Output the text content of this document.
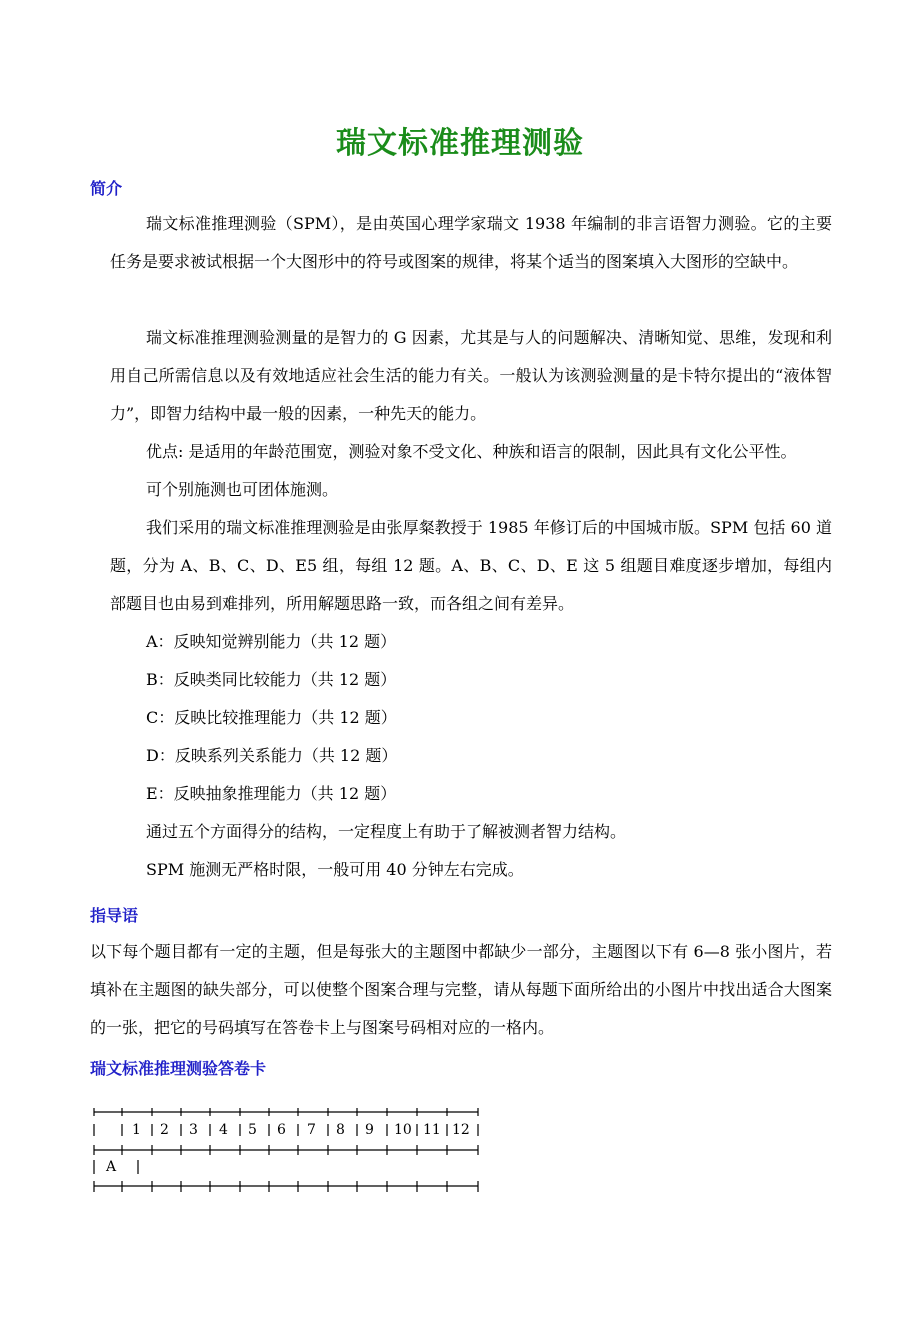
瑞文标准推理测验
简介
瑞文标准推理测验（SPM），是由英国心理学家瑞文 1938 年编制的非言语智力测验。它的主要任务是要求被试根据一个大图形中的符号或图案的规律，将某个适当的图案填入大图形的空缺中。
瑞文标准推理测验测量的是智力的 G 因素，尤其是与人的问题解决、清晰知觉、思维，发现和利用自己所需信息以及有效地适应社会生活的能力有关。一般认为该测验测量的是卡特尔提出的“液体智力”，即智力结构中最一般的因素，一种先天的能力。
优点: 是适用的年龄范围宽，测验对象不受文化、种族和语言的限制，因此具有文化公平性。
可个别施测也可团体施测。
我们采用的瑞文标准推理测验是由张厚粲教授于 1985 年修订后的中国城市版。SPM 包括 60 道题，分为 A、B、C、D、E5 组，每组 12 题。A、B、C、D、E 这 5 组题目难度逐步增加，每组内部题目也由易到难排列，所用解题思路一致，而各组之间有差异。
A：反映知觉辨别能力（共 12 题）
B：反映类同比较能力（共 12 题）
C：反映比较推理能力（共 12 题）
D：反映系列关系能力（共 12 题）
E：反映抽象推理能力（共 12 题）
通过五个方面得分的结构，一定程度上有助于了解被测者智力结构。
SPM 施测无严格时限，一般可用 40 分钟左右完成。
指导语
以下每个题目都有一定的主题，但是每张大的主题图中都缺少一部分，主题图以下有 6—8 张小图片，若填补在主题图的缺失部分，可以使整个图案合理与完整，请从每题下面所给出的小图片中找出适合大图案的一张，把它的号码填写在答卷卡上与图案号码相对应的一格内。
瑞文标准推理测验答卷卡
1 2 3 4 5 6 7 8 9 10 11 12
A
